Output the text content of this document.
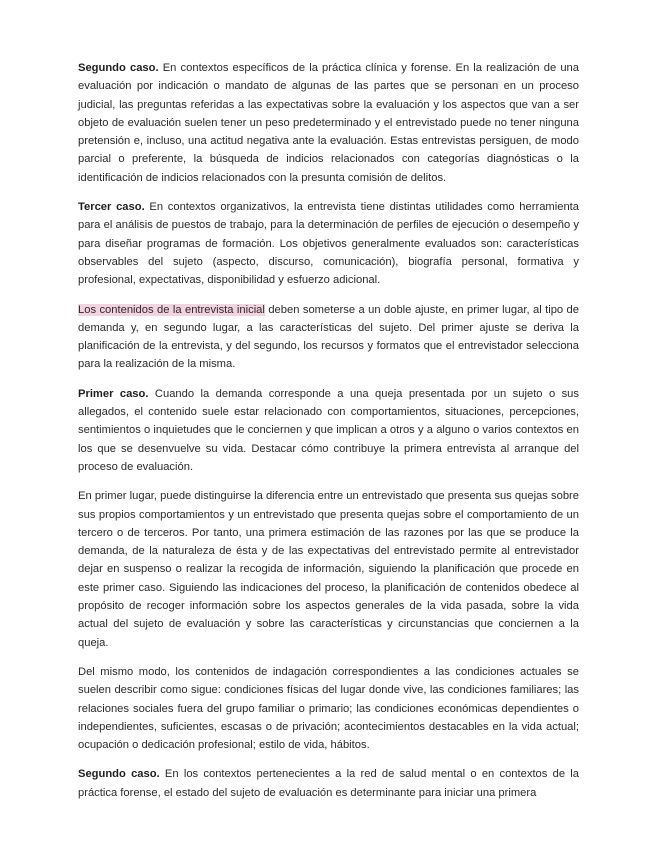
Segundo caso. En contextos específicos de la práctica clínica y forense. En la realización de una evaluación por indicación o mandato de algunas de las partes que se personan en un proceso judicial, las preguntas referidas a las expectativas sobre la evaluación y los aspectos que van a ser objeto de evaluación suelen tener un peso predeterminado y el entrevistado puede no tener ninguna pretensión e, incluso, una actitud negativa ante la evaluación. Estas entrevistas persiguen, de modo parcial o preferente, la búsqueda de indicios relacionados con categorías diagnósticas o la identificación de indicios relacionados con la presunta comisión de delitos.

Tercer caso. En contextos organizativos, la entrevista tiene distintas utilidades como herramienta para el análisis de puestos de trabajo, para la determinación de perfiles de ejecución o desempeño y para diseñar programas de formación. Los objetivos generalmente evaluados son: características observables del sujeto (aspecto, discurso, comunicación), biografía personal, formativa y profesional, expectativas, disponibilidad y esfuerzo adicional.

Los contenidos de la entrevista inicial deben someterse a un doble ajuste, en primer lugar, al tipo de demanda y, en segundo lugar, a las características del sujeto. Del primer ajuste se deriva la planificación de la entrevista, y del segundo, los recursos y formatos que el entrevistador selecciona para la realización de la misma.

Primer caso. Cuando la demanda corresponde a una queja presentada por un sujeto o sus allegados, el contenido suele estar relacionado con comportamientos, situaciones, percepciones, sentimientos o inquietudes que le conciernen y que implican a otros y a alguno o varios contextos en los que se desenvuelve su vida. Destacar cómo contribuye la primera entrevista al arranque del proceso de evaluación.

En primer lugar, puede distinguirse la diferencia entre un entrevistado que presenta sus quejas sobre sus propios comportamientos y un entrevistado que presenta quejas sobre el comportamiento de un tercero o de terceros. Por tanto, una primera estimación de las razones por las que se produce la demanda, de la naturaleza de ésta y de las expectativas del entrevistado permite al entrevistador dejar en suspenso o realizar la recogida de información, siguiendo la planificación que procede en este primer caso. Siguiendo las indicaciones del proceso, la planificación de contenidos obedece al propósito de recoger información sobre los aspectos generales de la vida pasada, sobre la vida actual del sujeto de evaluación y sobre las características y circunstancias que conciernen a la queja.

Del mismo modo, los contenidos de indagación correspondientes a las condiciones actuales se suelen describir como sigue: condiciones físicas del lugar donde vive, las condiciones familiares; las relaciones sociales fuera del grupo familiar o primario; las condiciones económicas dependientes o independientes, suficientes, escasas o de privación; acontecimientos destacables en la vida actual; ocupación o dedicación profesional; estilo de vida, hábitos.

Segundo caso. En los contextos pertenecientes a la red de salud mental o en contextos de la práctica forense, el estado del sujeto de evaluación es determinante para iniciar una primera
